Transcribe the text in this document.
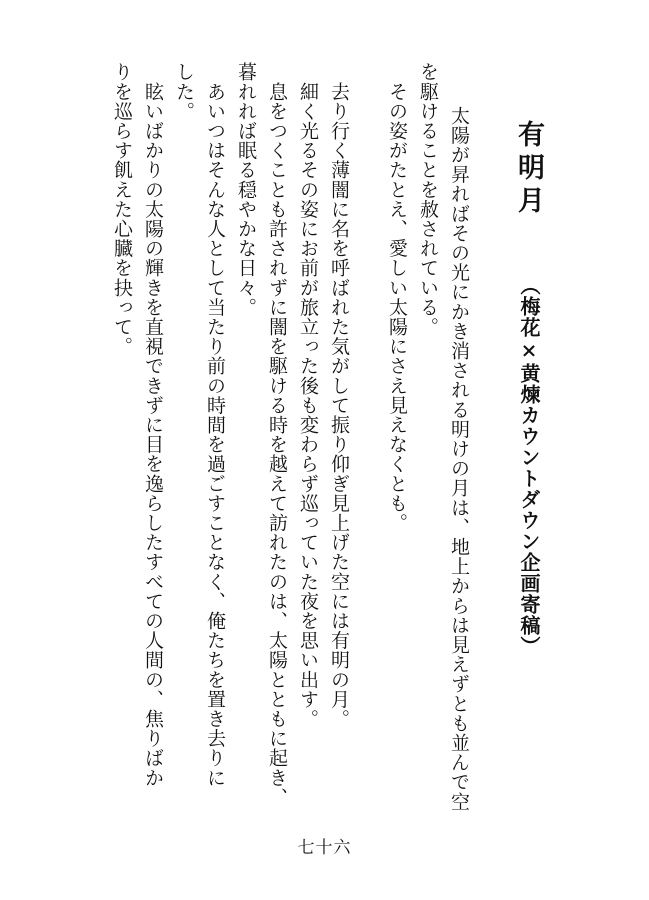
有明月
（梅花×黄煉カウントダウン企画寄稿）
　太陽が昇ればその光にかき消される明けの月は、地上からは見えずとも並んで空
を駆けることを赦されている。
　その姿がたとえ、愛しい太陽にさえ見えなくとも。
　去り行く薄闇に名を呼ばれた気がして振り仰ぎ見上げた空には有明の月。
　細く光るその姿にお前が旅立った後も変わらず巡っていた夜を思い出す。
　息をつくことも許されずに闇を駆ける時を越えて訪れたのは、太陽とともに起き、
暮れれば眠る穏やかな日々。
　あいつはそんな人として当たり前の時間を過ごすことなく、俺たちを置き去りに
した。
　眩いばかりの太陽の輝きを直視できずに目を逸らしたすべての人間の、焦りばか
りを巡らす飢えた心臓を抉って。
七十六
